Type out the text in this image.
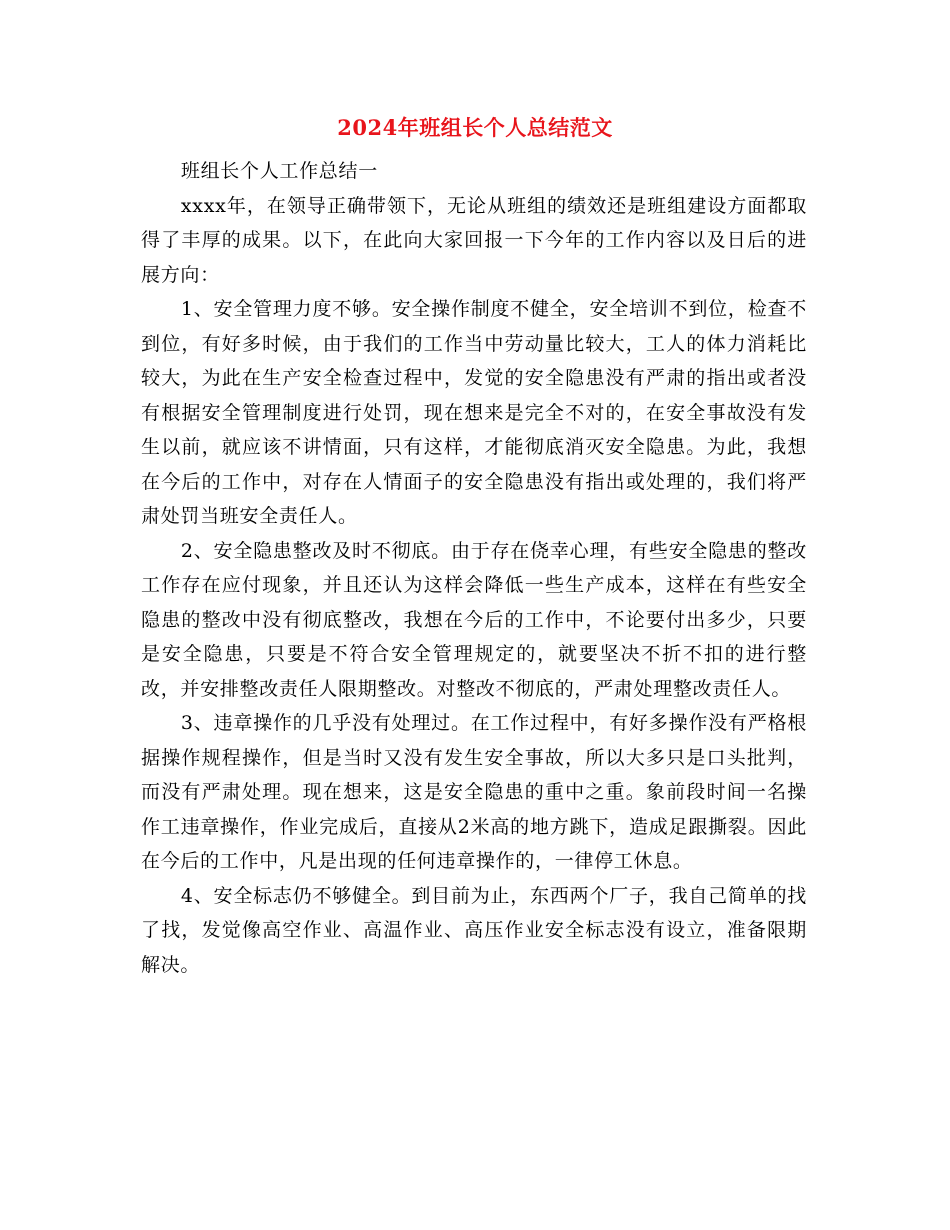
2024年班组长个人总结范文

班组长个人工作总结一

xxxx年，在领导正确带领下，无论从班组的绩效还是班组建设方面都取得了丰厚的成果。以下，在此向大家回报一下今年的工作内容以及日后的进展方向：

1、安全管理力度不够。安全操作制度不健全，安全培训不到位，检查不到位，有好多时候，由于我们的工作当中劳动量比较大，工人的体力消耗比较大，为此在生产安全检查过程中，发觉的安全隐患没有严肃的指出或者没有根据安全管理制度进行处罚，现在想来是完全不对的，在安全事故没有发生以前，就应该不讲情面，只有这样，才能彻底消灭安全隐患。为此，我想在今后的工作中，对存在人情面子的安全隐患没有指出或处理的，我们将严肃处罚当班安全责任人。

2、安全隐患整改及时不彻底。由于存在侥幸心理，有些安全隐患的整改工作存在应付现象，并且还认为这样会降低一些生产成本，这样在有些安全隐患的整改中没有彻底整改，我想在今后的工作中，不论要付出多少，只要是安全隐患，只要是不符合安全管理规定的，就要坚决不折不扣的进行整改，并安排整改责任人限期整改。对整改不彻底的，严肃处理整改责任人。

3、违章操作的几乎没有处理过。在工作过程中，有好多操作没有严格根据操作规程操作，但是当时又没有发生安全事故，所以大多只是口头批判，而没有严肃处理。现在想来，这是安全隐患的重中之重。象前段时间一名操作工违章操作，作业完成后，直接从2米高的地方跳下，造成足跟撕裂。因此在今后的工作中，凡是出现的任何违章操作的，一律停工休息。

4、安全标志仍不够健全。到目前为止，东西两个厂子，我自己简单的找了找，发觉像高空作业、高温作业、高压作业安全标志没有设立，准备限期解决。
